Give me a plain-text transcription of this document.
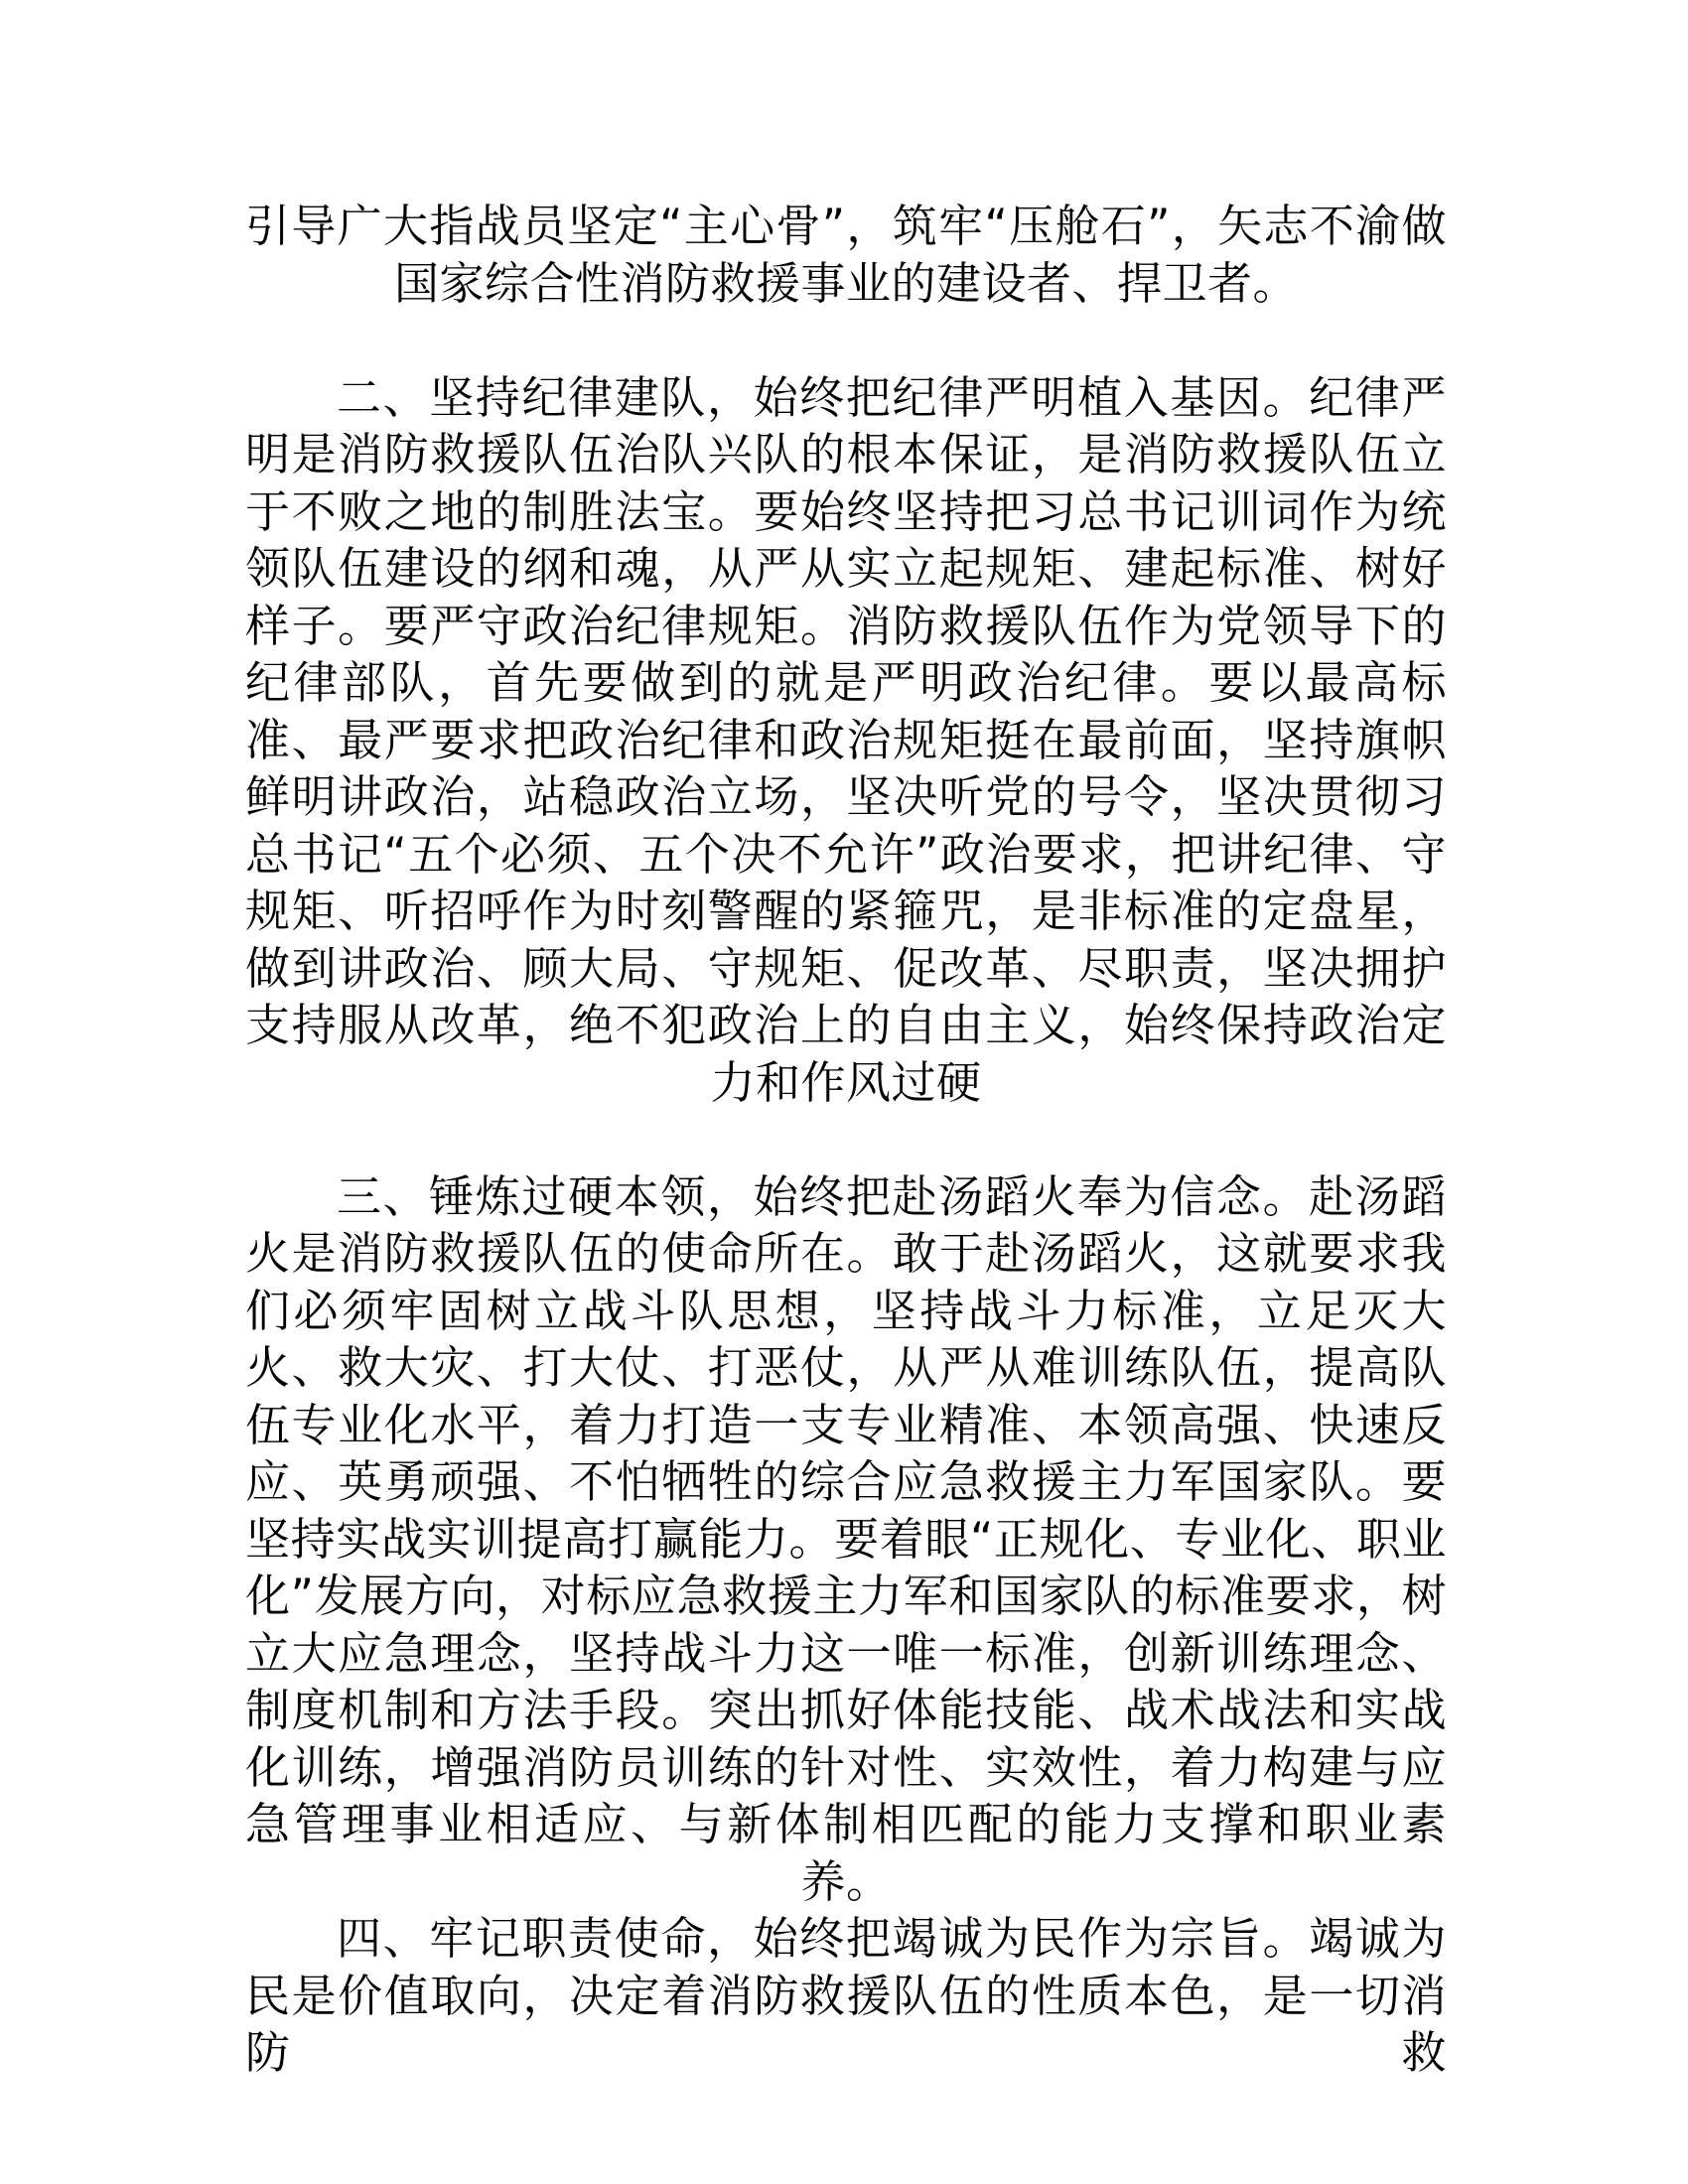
引导广大指战员坚定“主心骨”，筑牢“压舱石”，矢志不渝做国家综合性消防救援事业的建设者、捍卫者。

二、坚持纪律建队，始终把纪律严明植入基因。纪律严明是消防救援队伍治队兴队的根本保证，是消防救援队伍立于不败之地的制胜法宝。要始终坚持把习总书记训词作为统领队伍建设的纲和魂，从严从实立起规矩、建起标准、树好样子。要严守政治纪律规矩。消防救援队伍作为党领导下的纪律部队，首先要做到的就是严明政治纪律。要以最高标准、最严要求把政治纪律和政治规矩挺在最前面，坚持旗帜鲜明讲政治，站稳政治立场，坚决听党的号令，坚决贯彻习总书记“五个必须、五个决不允许”政治要求，把讲纪律、守规矩、听招呼作为时刻警醒的紧箍咒，是非标准的定盘星，做到讲政治、顾大局、守规矩、促改革、尽职责，坚决拥护支持服从改革，绝不犯政治上的自由主义，始终保持政治定力和作风过硬

三、锤炼过硬本领，始终把赴汤蹈火奉为信念。赴汤蹈火是消防救援队伍的使命所在。敢于赴汤蹈火，这就要求我们必须牢固树立战斗队思想，坚持战斗力标准，立足灭大火、救大灾、打大仗、打恶仗，从严从难训练队伍，提高队伍专业化水平，着力打造一支专业精准、本领高强、快速反应、英勇顽强、不怕牺牲的综合应急救援主力军国家队。要坚持实战实训提高打赢能力。要着眼“正规化、专业化、职业化”发展方向，对标应急救援主力军和国家队的标准要求，树立大应急理念，坚持战斗力这一唯一标准，创新训练理念、制度机制和方法手段。突出抓好体能技能、战术战法和实战化训练，增强消防员训练的针对性、实效性，着力构建与应急管理事业相适应、与新体制相匹配的能力支撑和职业素养。

四、牢记职责使命，始终把竭诚为民作为宗旨。竭诚为民是价值取向，决定着消防救援队伍的性质本色，是一切消防救
